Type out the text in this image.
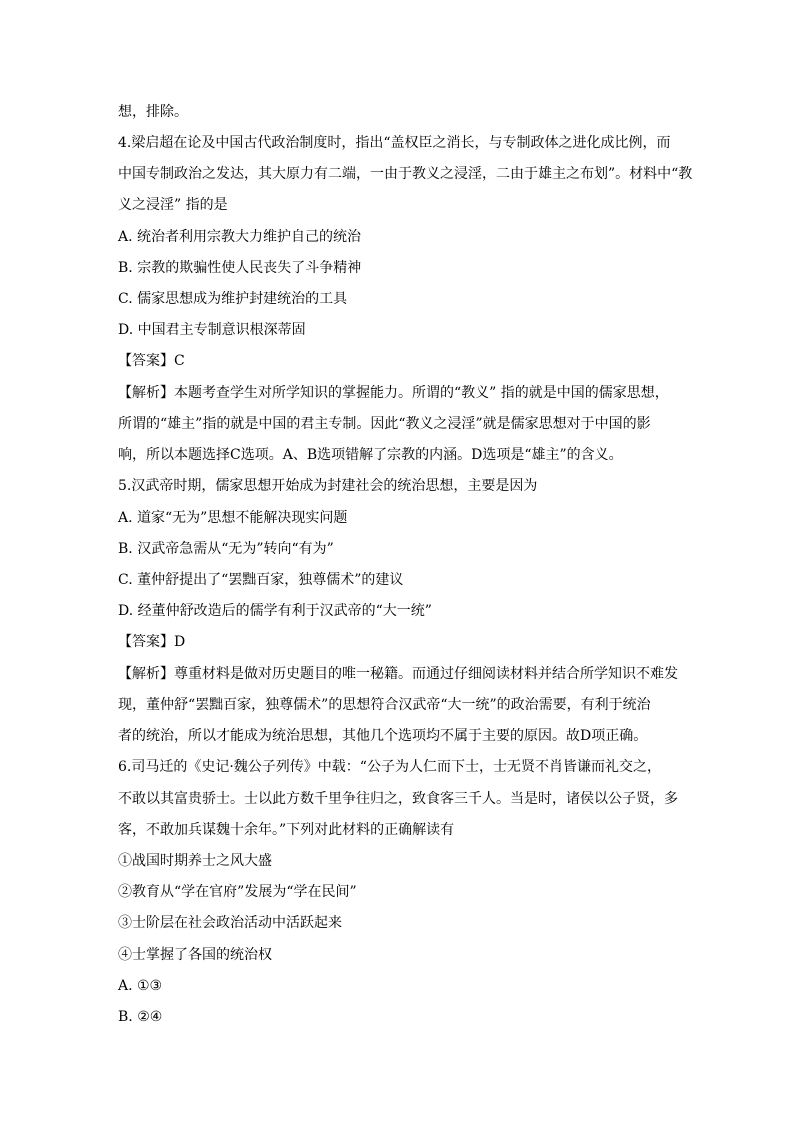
想，排除。
4.梁启超在论及中国古代政治制度时，指出“盖权臣之消长，与专制政体之进化成比例，而
中国专制政治之发达，其大原力有二端，一由于教义之浸淫，二由于雄主之布划”。材料中“教
义之浸淫” 指的是
A. 统治者利用宗教大力维护自己的统治
B. 宗教的欺骗性使人民丧失了斗争精神
C. 儒家思想成为维护封建统治的工具
D. 中国君主专制意识根深蒂固
【答案】C
【解析】本题考查学生对所学知识的掌握能力。所谓的“教义” 指的就是中国的儒家思想，
所谓的“雄主”指的就是中国的君主专制。因此“教义之浸淫”就是儒家思想对于中国的影
响，所以本题选择C选项。A、B选项错解了宗教的内涵。D选项是“雄主”的含义。
5.汉武帝时期，儒家思想开始成为封建社会的统治思想，主要是因为
A. 道家“无为”思想不能解决现实问题
B. 汉武帝急需从“无为”转向“有为”
C. 董仲舒提出了“罢黜百家，独尊儒术”的建议
D. 经董仲舒改造后的儒学有利于汉武帝的“大一统”
【答案】D
【解析】尊重材料是做对历史题目的唯一秘籍。而通过仔细阅读材料并结合所学知识不难发
现，董仲舒“罢黜百家，独尊儒术”的思想符合汉武帝“大一统”的政治需要，有利于统治
者的统治，所以才能成为统治思想，其他几个选项均不属于主要的原因。故D项正确。
6.司马迁的《史记·魏公子列传》中载：“公子为人仁而下士，士无贤不肖皆谦而礼交之，
不敢以其富贵骄士。士以此方数千里争往归之，致食客三千人。当是时，诸侯以公子贤，多
客，不敢加兵谋魏十余年。”下列对此材料的正确解读有
①战国时期养士之风大盛
②教育从“学在官府”发展为“学在民间”
③士阶层在社会政治活动中活跃起来
④士掌握了各国的统治权
A. ①③
B. ②④
